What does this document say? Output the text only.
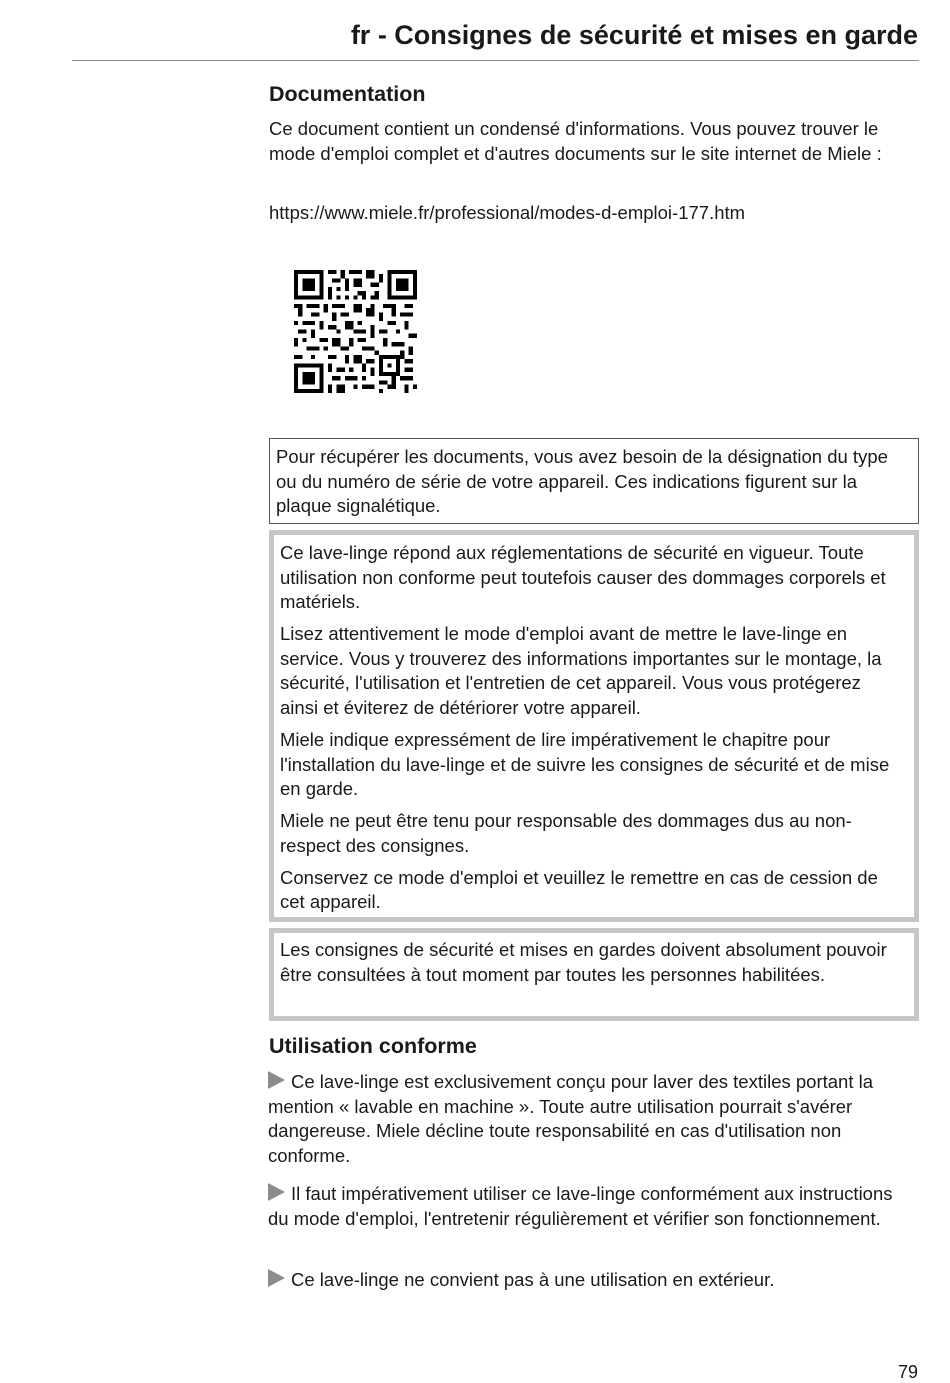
fr - Consignes de sécurité et mises en garde
Documentation
Ce document contient un condensé d'informations. Vous pouvez trouver le mode d'emploi complet et d'autres documents sur le site internet de Miele :
https://www.miele.fr/professional/modes-d-emploi-177.htm
Pour récupérer les documents, vous avez besoin de la désignation du type ou du numéro de série de votre appareil. Ces indications figurent sur la plaque signalétique.

Ce lave-linge répond aux réglementations de sécurité en vigueur. Toute utilisation non conforme peut toutefois causer des dommages corporels et matériels.

Lisez attentivement le mode d'emploi avant de mettre le lave-linge en service. Vous y trouverez des informations importantes sur le montage, la sécurité, l'utilisation et l'entretien de cet appareil. Vous vous protégerez ainsi et éviterez de détériorer votre appareil.

Miele indique expressément de lire impérativement le chapitre pour l'installation du lave-linge et de suivre les consignes de sécurité et de mise en garde.

Miele ne peut être tenu pour responsable des dommages dus au non-respect des consignes.

Conservez ce mode d'emploi et veuillez le remettre en cas de cession de cet appareil.

Les consignes de sécurité et mises en gardes doivent absolument pouvoir être consultées à tout moment par toutes les personnes habilitées.

Utilisation conforme
Ce lave-linge est exclusivement conçu pour laver des textiles portant la mention « lavable en machine ». Toute autre utilisation pourrait s'avérer dangereuse. Miele décline toute responsabilité en cas d'utilisation non conforme.
Il faut impérativement utiliser ce lave-linge conformément aux instructions du mode d'emploi, l'entretenir régulièrement et vérifier son fonctionnement.
Ce lave-linge ne convient pas à une utilisation en extérieur.
79
